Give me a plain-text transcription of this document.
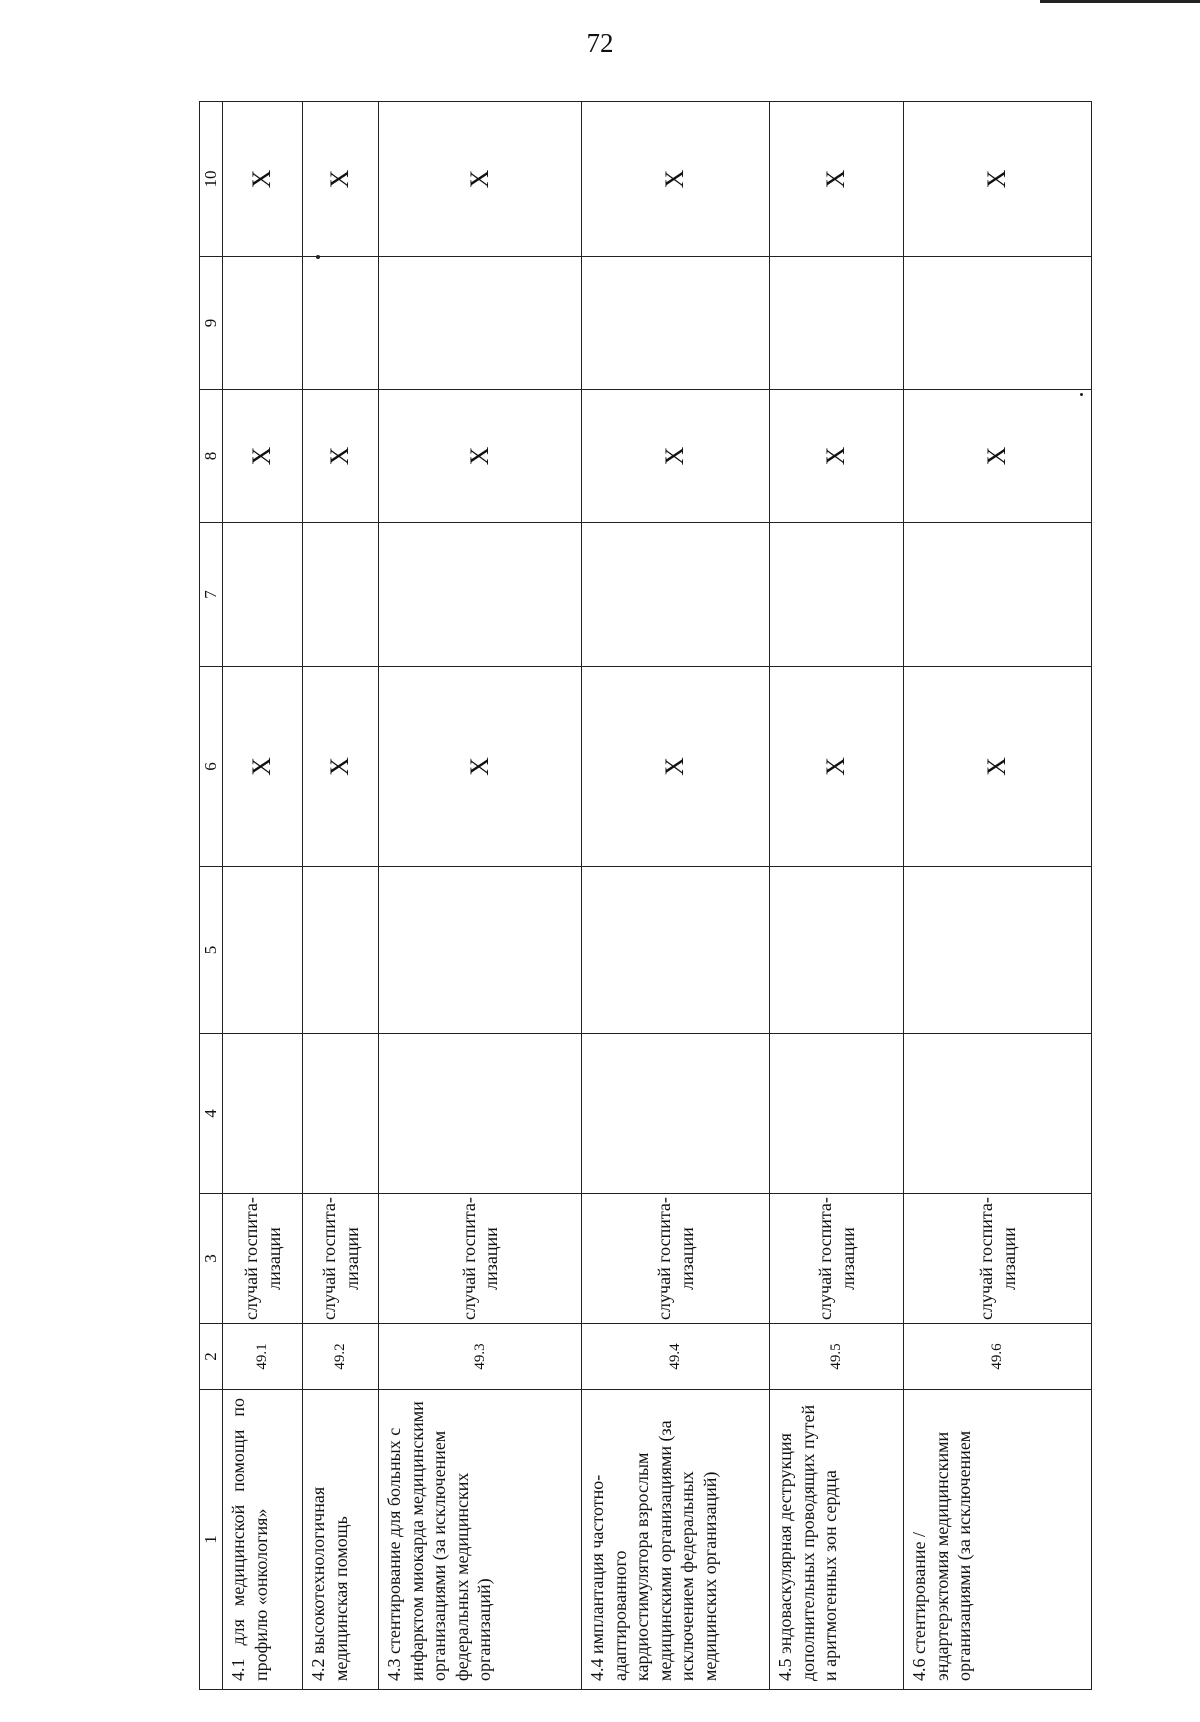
72
1	2	3	4	5	6	7	8	9	10
4.1 для медицинской помощи по профилю «онкология»	49.1	случай госпита-лизации			X		X		X
4.2 высокотехнологичная медицинская помощь	49.2	случай госпита-лизации			X		X		X
4.3 стентирование для больных с инфарктом миокарда медицинскими организациями (за исключением федеральных медицинских организаций)	49.3	случай госпита-лизации			X		X		X
4.4 имплантация частотно-адаптированного кардиостимулятора взрослым медицинскими организациями (за исключением федеральных медицинских организаций)	49.4	случай госпита-лизации			X		X		X
4.5 эндоваскулярная деструкция дополнительных проводящих путей и аритмогенных зон сердца	49.5	случай госпита-лизации			X		X		X
4.6 стентирование / эндартерэктомия медицинскими организациями (за исключением	49.6	случай госпита-лизации			X		X		X
